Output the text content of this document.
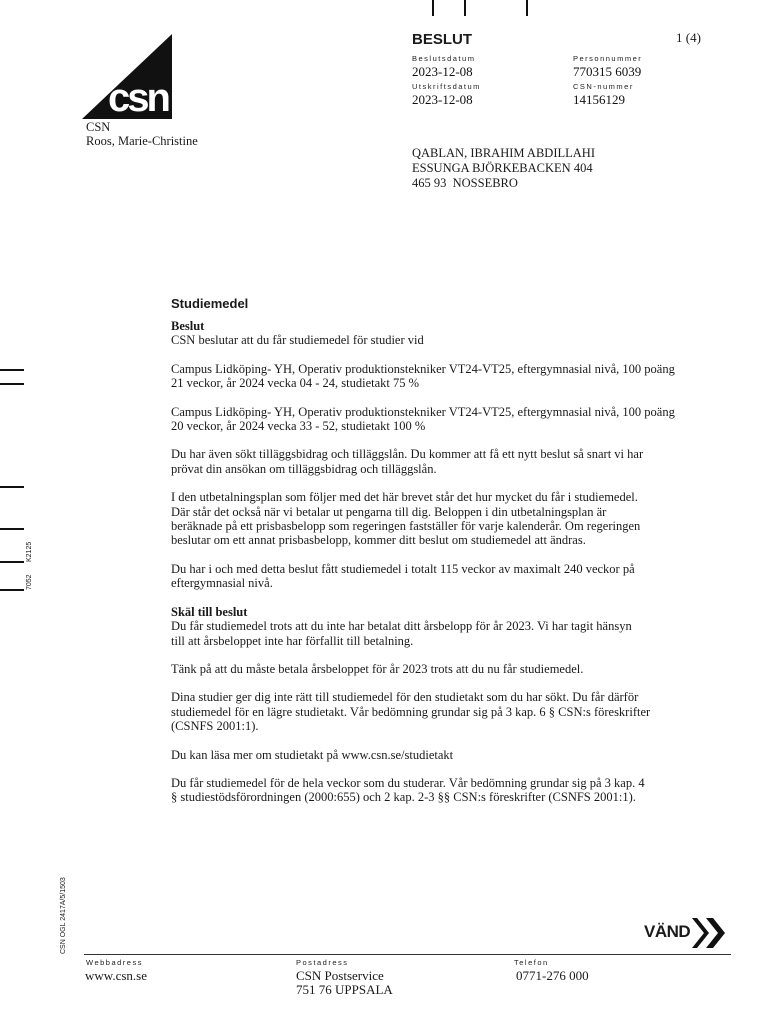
csn
CSN
Roos, Marie-Christine
BESLUT	1 (4)
Beslutsdatum
2023-12-08
Personnummer
770315 6039
Utskriftsdatum
2023-12-08
CSN-nummer
14156129
QABLAN, IBRAHIM ABDILLAHI
ESSUNGA BJÖRKEBACKEN 404
465 93  NOSSEBRO
7052
K2125
CSN OGL 2417A/5/1503
Studiemedel

Beslut

CSN beslutar att du får studiemedel för studier vid

Campus Lidköping- YH, Operativ produktionstekniker VT24-VT25, eftergymnasial nivå, 100 poäng
21 veckor, år 2024 vecka 04 - 24, studietakt 75 %

Campus Lidköping- YH, Operativ produktionstekniker VT24-VT25, eftergymnasial nivå, 100 poäng
20 veckor, år 2024 vecka 33 - 52, studietakt 100 %

Du har även sökt tilläggsbidrag och tilläggslån. Du kommer att få ett nytt beslut så snart vi har
prövat din ansökan om tilläggsbidrag och tilläggslån.

I den utbetalningsplan som följer med det här brevet står det hur mycket du får i studiemedel.
Där står det också när vi betalar ut pengarna till dig. Beloppen i din utbetalningsplan är
beräknade på ett prisbasbelopp som regeringen fastställer för varje kalenderår. Om regeringen
beslutar om ett annat prisbasbelopp, kommer ditt beslut om studiemedel att ändras.

Du har i och med detta beslut fått studiemedel i totalt 115 veckor av maximalt 240 veckor på
eftergymnasial nivå.

Skäl till beslut

Du får studiemedel trots att du inte har betalat ditt årsbelopp för år 2023. Vi har tagit hänsyn
till att årsbeloppet inte har förfallit till betalning.

Tänk på att du måste betala årsbeloppet för år 2023 trots att du nu får studiemedel.

Dina studier ger dig inte rätt till studiemedel för den studietakt som du har sökt. Du får därför
studiemedel för en lägre studietakt. Vår bedömning grundar sig på 3 kap. 6 § CSN:s föreskrifter
(CSNFS 2001:1).

Du kan läsa mer om studietakt på www.csn.se/studietakt

Du får studiemedel för de hela veckor som du studerar. Vår bedömning grundar sig på 3 kap. 4
§ studiestödsförordningen (2000:655) och 2 kap. 2-3 §§ CSN:s föreskrifter (CSNFS 2001:1).

VÄND
Webbadress
www.csn.se
Postadress
CSN Postservice
751 76 UPPSALA
Telefon
0771-276 000
